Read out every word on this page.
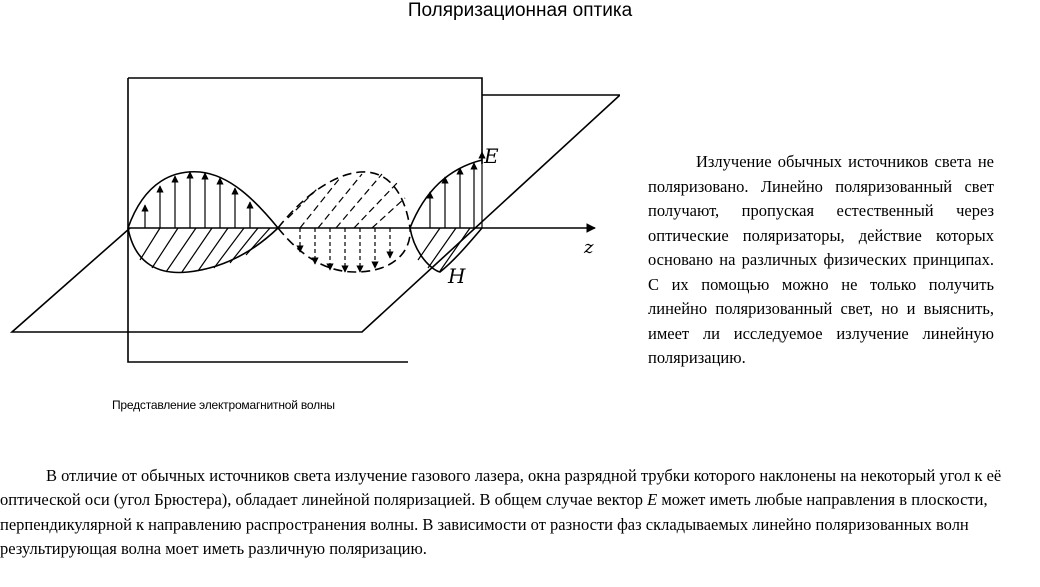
Поляризационная оптика
E
z
H
Представление электромагнитной волны

Излучение обычных источников света не поляризовано. Линейно поляризованный свет получают, пропуская естественный через оптические поляризаторы, действие которых основано на различных физических принципах. С их помощью можно не только получить линейно поляризованный свет, но и выяснить, имеет ли исследуемое излучение линейную поляризацию.

В отличие от обычных источников света излучение газового лазера, окна разрядной трубки которого наклонены на некоторый угол к её оптической оси (угол Брюстера), обладает линейной поляризацией. В общем случае вектор E может иметь любые направления в плоскости, перпендикулярной к направлению распространения волны. В зависимости от разности фаз складываемых линейно поляризованных волн результирующая волна моет иметь различную поляризацию.
